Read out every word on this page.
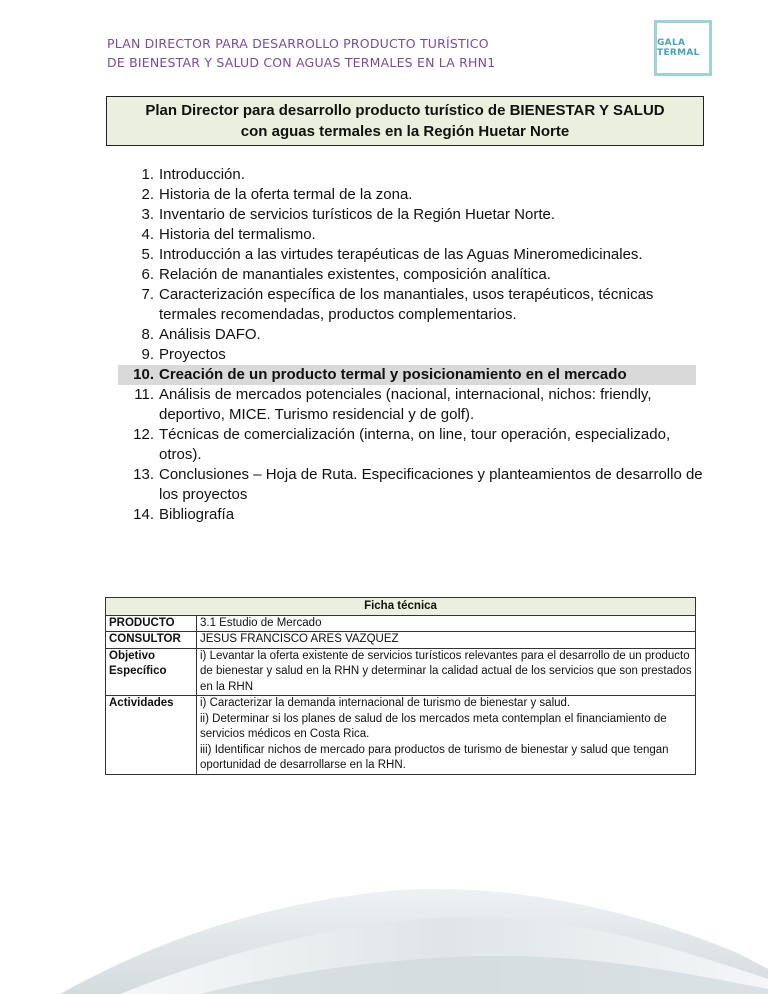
PLAN DIRECTOR PARA DESARROLLO PRODUCTO TURÍSTICO
DE BIENESTAR Y SALUD CON AGUAS TERMALES EN LA RHN1
GALA TERMAL
Plan Director para desarrollo producto turístico de BIENESTAR Y SALUD
con aguas termales en la Región Huetar Norte
1. Introducción.
2. Historia de la oferta termal de la zona.
3. Inventario de servicios turísticos de la Región Huetar Norte.
4. Historia del termalismo.
5. Introducción a las virtudes terapéuticas de las Aguas Mineromedicinales.
6. Relación de manantiales existentes, composición analítica.
7. Caracterización específica de los manantiales, usos terapéuticos, técnicas termales recomendadas, productos complementarios.
8. Análisis DAFO.
9. Proyectos
10. Creación de un producto termal y posicionamiento en el mercado
11. Análisis de mercados potenciales (nacional, internacional, nichos: friendly, deportivo, MICE. Turismo residencial y de golf).
12. Técnicas de comercialización (interna, on line, tour operación, especializado, otros).
13. Conclusiones – Hoja de Ruta. Especificaciones y planteamientos de desarrollo de los proyectos
14. Bibliografía
Ficha técnica	
PRODUCTO	3.1 Estudio de Mercado
CONSULTOR	JESUS FRANCISCO ARES VAZQUEZ

Objetivo
Específico	i) Levantar la oferta existente de servicios turísticos relevantes para el desarrollo de un producto de bienestar y salud en la RHN y determinar la calidad actual de los servicios que son prestados en la RHN
Actividades	i) Caracterizar la demanda internacional de turismo de bienestar y salud.
ii) Determinar si los planes de salud de los mercados meta contemplan el financiamiento de servicios médicos en Costa Rica.
iii) Identificar nichos de mercado para productos de turismo de bienestar y salud que tengan oportunidad de desarrollarse en la RHN.
